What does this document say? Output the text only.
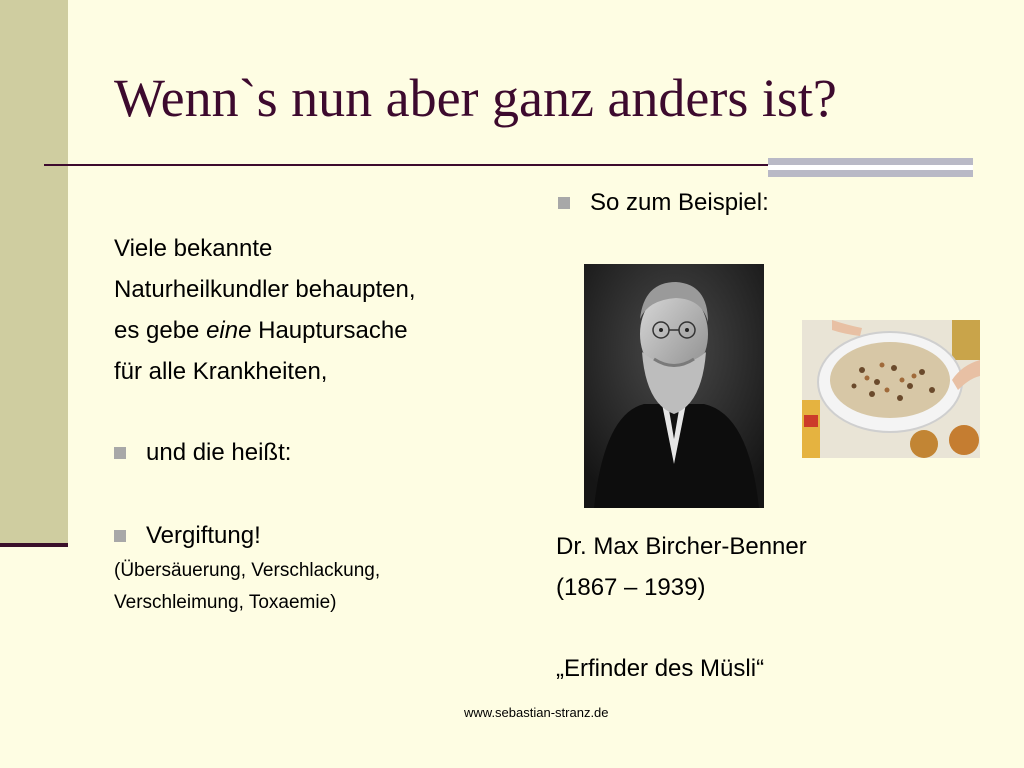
Wenn`s nun aber ganz anders ist?
Viele bekannte
Naturheilkundler behaupten,
es gebe eine Hauptursache
für alle Krankheiten,
und die heißt:
Vergiftung!
(Übersäuerung, Verschlackung,
Verschleimung, Toxaemie)
So zum Beispiel:

Dr. Max Bircher-Benner

(1867 – 1939)

„Erfinder des Müsli“

www.sebastian-stranz.de
